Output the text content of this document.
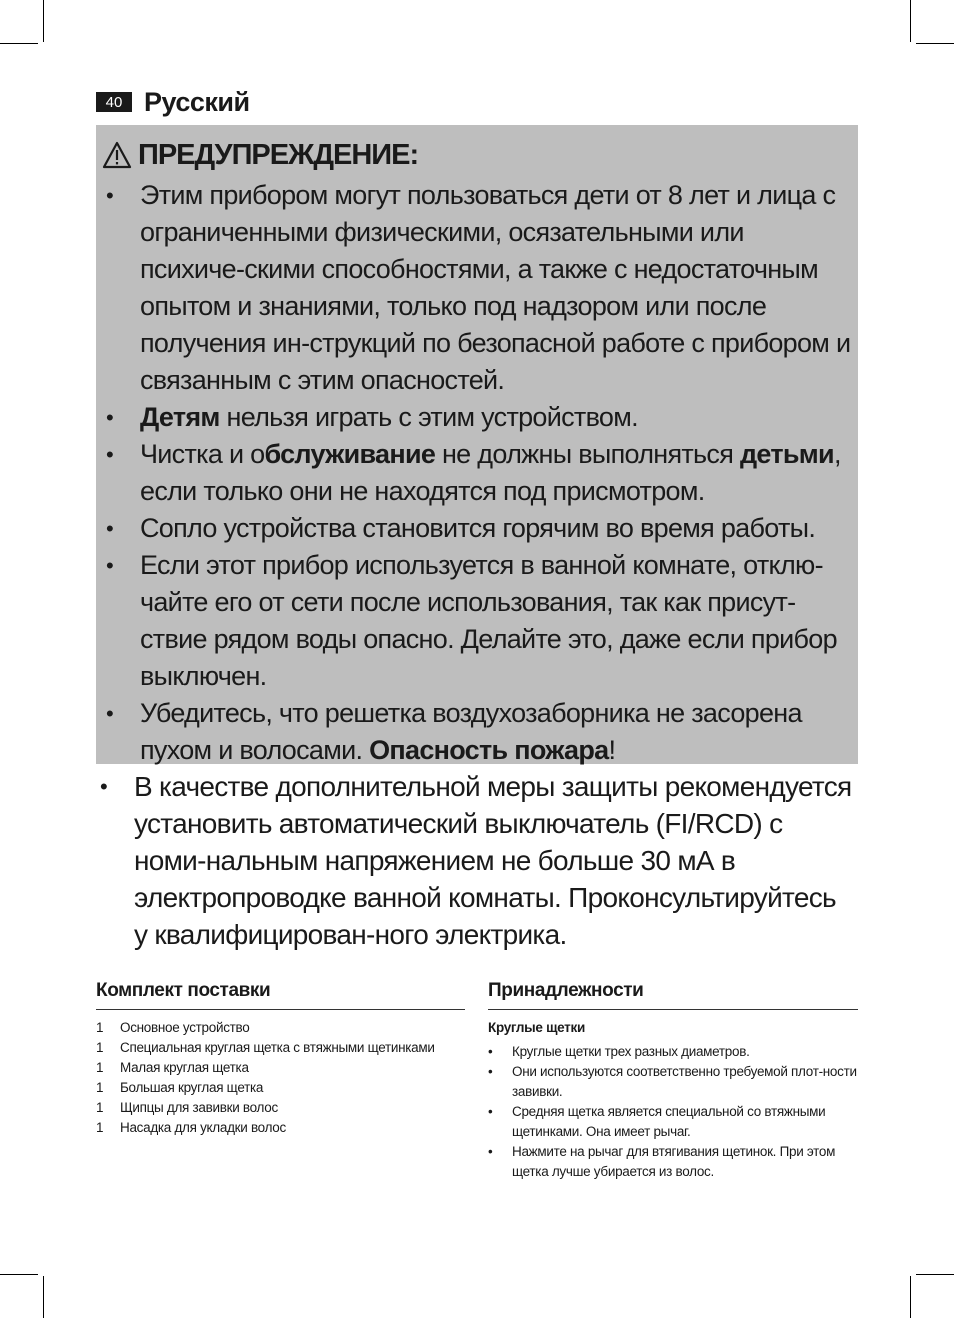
40 Русский
ПРЕДУПРЕЖДЕНИЕ:
• Этим прибором могут пользоваться дети от 8 лет и лица с ограниченными физическими, осязательными или психиче-скими способностями, а также с недостаточным опытом и знаниями, только под надзором или после получения ин-струкций по безопасной работе с прибором и связанным с этим опасностей.
• Детям нельзя играть с этим устройством.
• Чистка и обслуживание не должны выполняться детьми, если только они не находятся под присмотром.
• Сопло устройства становится горячим во время работы.
• Если этот прибор используется в ванной комнате, отклю-чайте его от сети после использования, так как присут-ствие рядом воды опасно. Делайте это, даже если прибор выключен.
• Убедитесь, что решетка воздухозаборника не засорена пухом и волосами. Опасность пожара!
• В качестве дополнительной меры защиты рекомендуется установить автоматический выключатель (FI/RCD) с номи-нальным напряжением не больше 30 мА в электропроводке ванной комнаты. Проконсультируйтесь у квалифицирован-ного электрика.
Комплект поставки
1	Основное устройство
1	Специальная круглая щетка с втяжными щетинками
1	Малая круглая щетка
1	Большая круглая щетка
1	Щипцы для завивки волос
1	Насадка для укладки волос
Принадлежности
Круглые щетки
• Круглые щетки трех разных диаметров.
• Они используются соответственно требуемой плот-ности завивки.
• Средняя щетка является специальной со втяжными щетинками. Она имеет рычаг.
• Нажмите на рычаг для втягивания щетинок. При этом щетка лучше убирается из волос.
